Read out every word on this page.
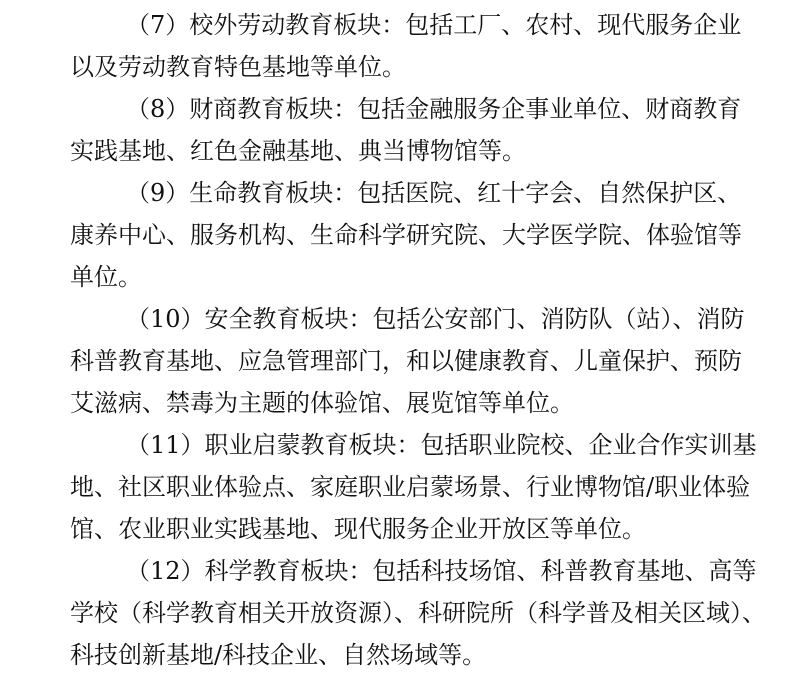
（7）校外劳动教育板块：包括工厂、农村、现代服务企业
以及劳动教育特色基地等单位。
（8）财商教育板块：包括金融服务企事业单位、财商教育
实践基地、红色金融基地、典当博物馆等。
（9）生命教育板块：包括医院、红十字会、自然保护区、
康养中心、服务机构、生命科学研究院、大学医学院、体验馆等
单位。
（10）安全教育板块：包括公安部门、消防队（站）、消防
科普教育基地、应急管理部门，和以健康教育、儿童保护、预防
艾滋病、禁毒为主题的体验馆、展览馆等单位。
（11）职业启蒙教育板块：包括职业院校、企业合作实训基
地、社区职业体验点、家庭职业启蒙场景、行业博物馆/职业体验
馆、农业职业实践基地、现代服务企业开放区等单位。
（12）科学教育板块：包括科技场馆、科普教育基地、高等
学校（科学教育相关开放资源）、科研院所（科学普及相关区域）、
科技创新基地/科技企业、自然场域等。
